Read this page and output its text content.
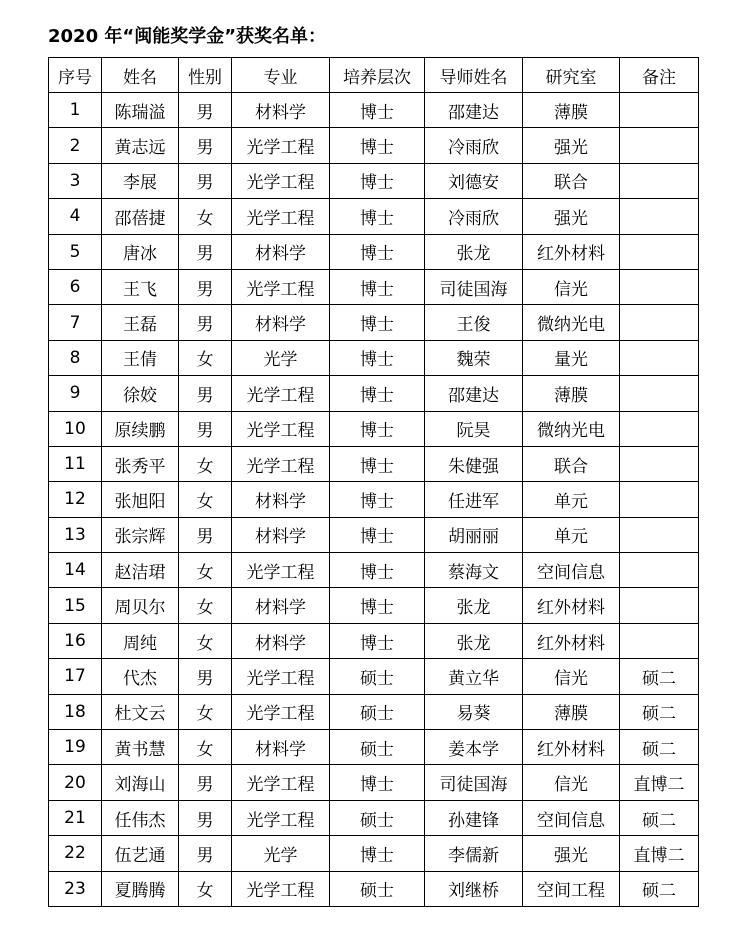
2020 年“闽能奖学金”获奖名单：
序号	姓名	性别	专业	培养层次	导师姓名	研究室	备注
1	陈瑞溢	男	材料学	博士	邵建达	薄膜	
2	黄志远	男	光学工程	博士	冷雨欣	强光	
3	李展	男	光学工程	博士	刘德安	联合	
4	邵蓓捷	女	光学工程	博士	冷雨欣	强光	
5	唐冰	男	材料学	博士	张龙	红外材料	
6	王飞	男	光学工程	博士	司徒国海	信光	
7	王磊	男	材料学	博士	王俊	微纳光电	
8	王倩	女	光学	博士	魏荣	量光	
9	徐姣	男	光学工程	博士	邵建达	薄膜	
10	原续鹏	男	光学工程	博士	阮昊	微纳光电	
11	张秀平	女	光学工程	博士	朱健强	联合	
12	张旭阳	女	材料学	博士	任进军	单元	
13	张宗辉	男	材料学	博士	胡丽丽	单元	
14	赵洁珺	女	光学工程	博士	蔡海文	空间信息	
15	周贝尔	女	材料学	博士	张龙	红外材料	
16	周纯	女	材料学	博士	张龙	红外材料	
17	代杰	男	光学工程	硕士	黄立华	信光	硕二
18	杜文云	女	光学工程	硕士	易葵	薄膜	硕二
19	黄书慧	女	材料学	硕士	姜本学	红外材料	硕二
20	刘海山	男	光学工程	博士	司徒国海	信光	直博二
21	任伟杰	男	光学工程	硕士	孙建锋	空间信息	硕二
22	伍艺通	男	光学	博士	李儒新	强光	直博二
23	夏腾腾	女	光学工程	硕士	刘继桥	空间工程	硕二
